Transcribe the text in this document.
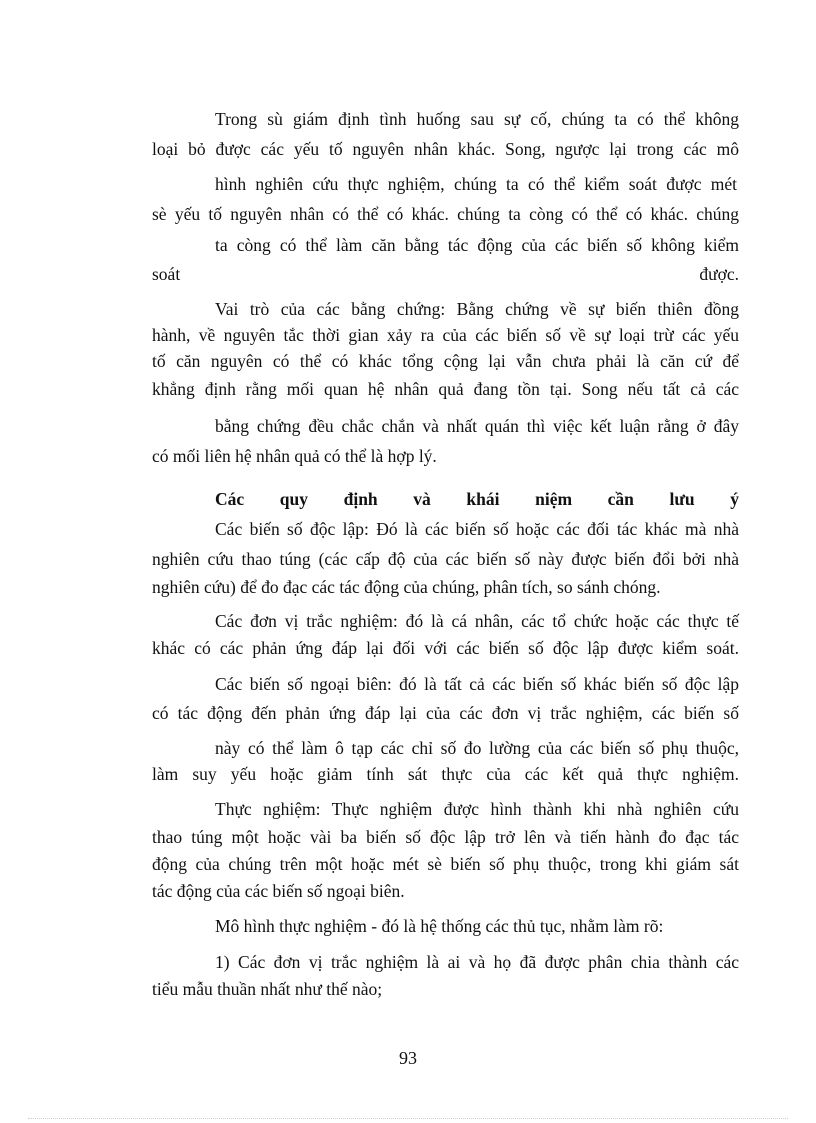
Trong sù giám định tình huống sau sự cố, chúng ta có thể không
loại bỏ được các yếu tố nguyên nhân khác. Song, ngược lại trong các mô
hình nghiên cứu thực nghiệm, chúng ta có thể kiểm soát được mét
sè yếu tố nguyên nhân có thể có khác. chúng ta còng có thể có khác. chúng
ta còng có thể làm căn bằng tác động của các biến số không kiểm
soát	được.
Vai trò của các bằng chứng: Bằng chứng về sự biến thiên đồng
hành, về nguyên tắc thời gian xảy ra của các biến số về sự loại trừ các yếu
tố căn nguyên có thể có khác tổng cộng lại vẫn chưa phải là căn cứ để
khẳng định rằng mối quan hệ nhân quả đang tồn tại. Song nếu tất cả các
bằng chứng đều chắc chắn và nhất quán thì việc kết luận rằng ở đây
có mối liên hệ nhân quả có thể là hợp lý.
Các quy định và khái niệm cần lưu ý
Các biến số độc lập: Đó là các biến số hoặc các đối tác khác mà nhà
nghiên cứu thao túng (các cấp độ của các biến số này được biến đổi bởi nhà
nghiên cứu) để đo đạc các tác động của chúng, phân tích, so sánh chóng.
Các đơn vị trắc nghiệm: đó là cá nhân, các tổ chức hoặc các thực tế
khác có các phản ứng đáp lại đối với các biến số độc lập được kiểm soát.
Các biến số ngoại biên: đó là tất cả các biến số khác biến số độc lập
có tác động đến phản ứng đáp lại của các đơn vị trắc nghiệm, các biến số
này có thể làm ô tạp các chỉ số đo lường của các biến số phụ thuộc,
làm suy yếu hoặc giảm tính sát thực của các kết quả thực nghiệm.
Thực nghiệm: Thực nghiệm được hình thành khi nhà nghiên cứu
thao túng một hoặc vài ba biến số độc lập trở lên và tiến hành đo đạc tác
động của chúng trên một hoặc mét sè biến số phụ thuộc, trong khi giám sát
tác động của các biến số ngoại biên.
Mô hình thực nghiệm - đó là hệ thống các thủ tục, nhằm làm rõ:
1) Các đơn vị trắc nghiệm là ai và họ đã được phân chia thành các
tiểu mẫu thuần nhất như thế nào;
93
